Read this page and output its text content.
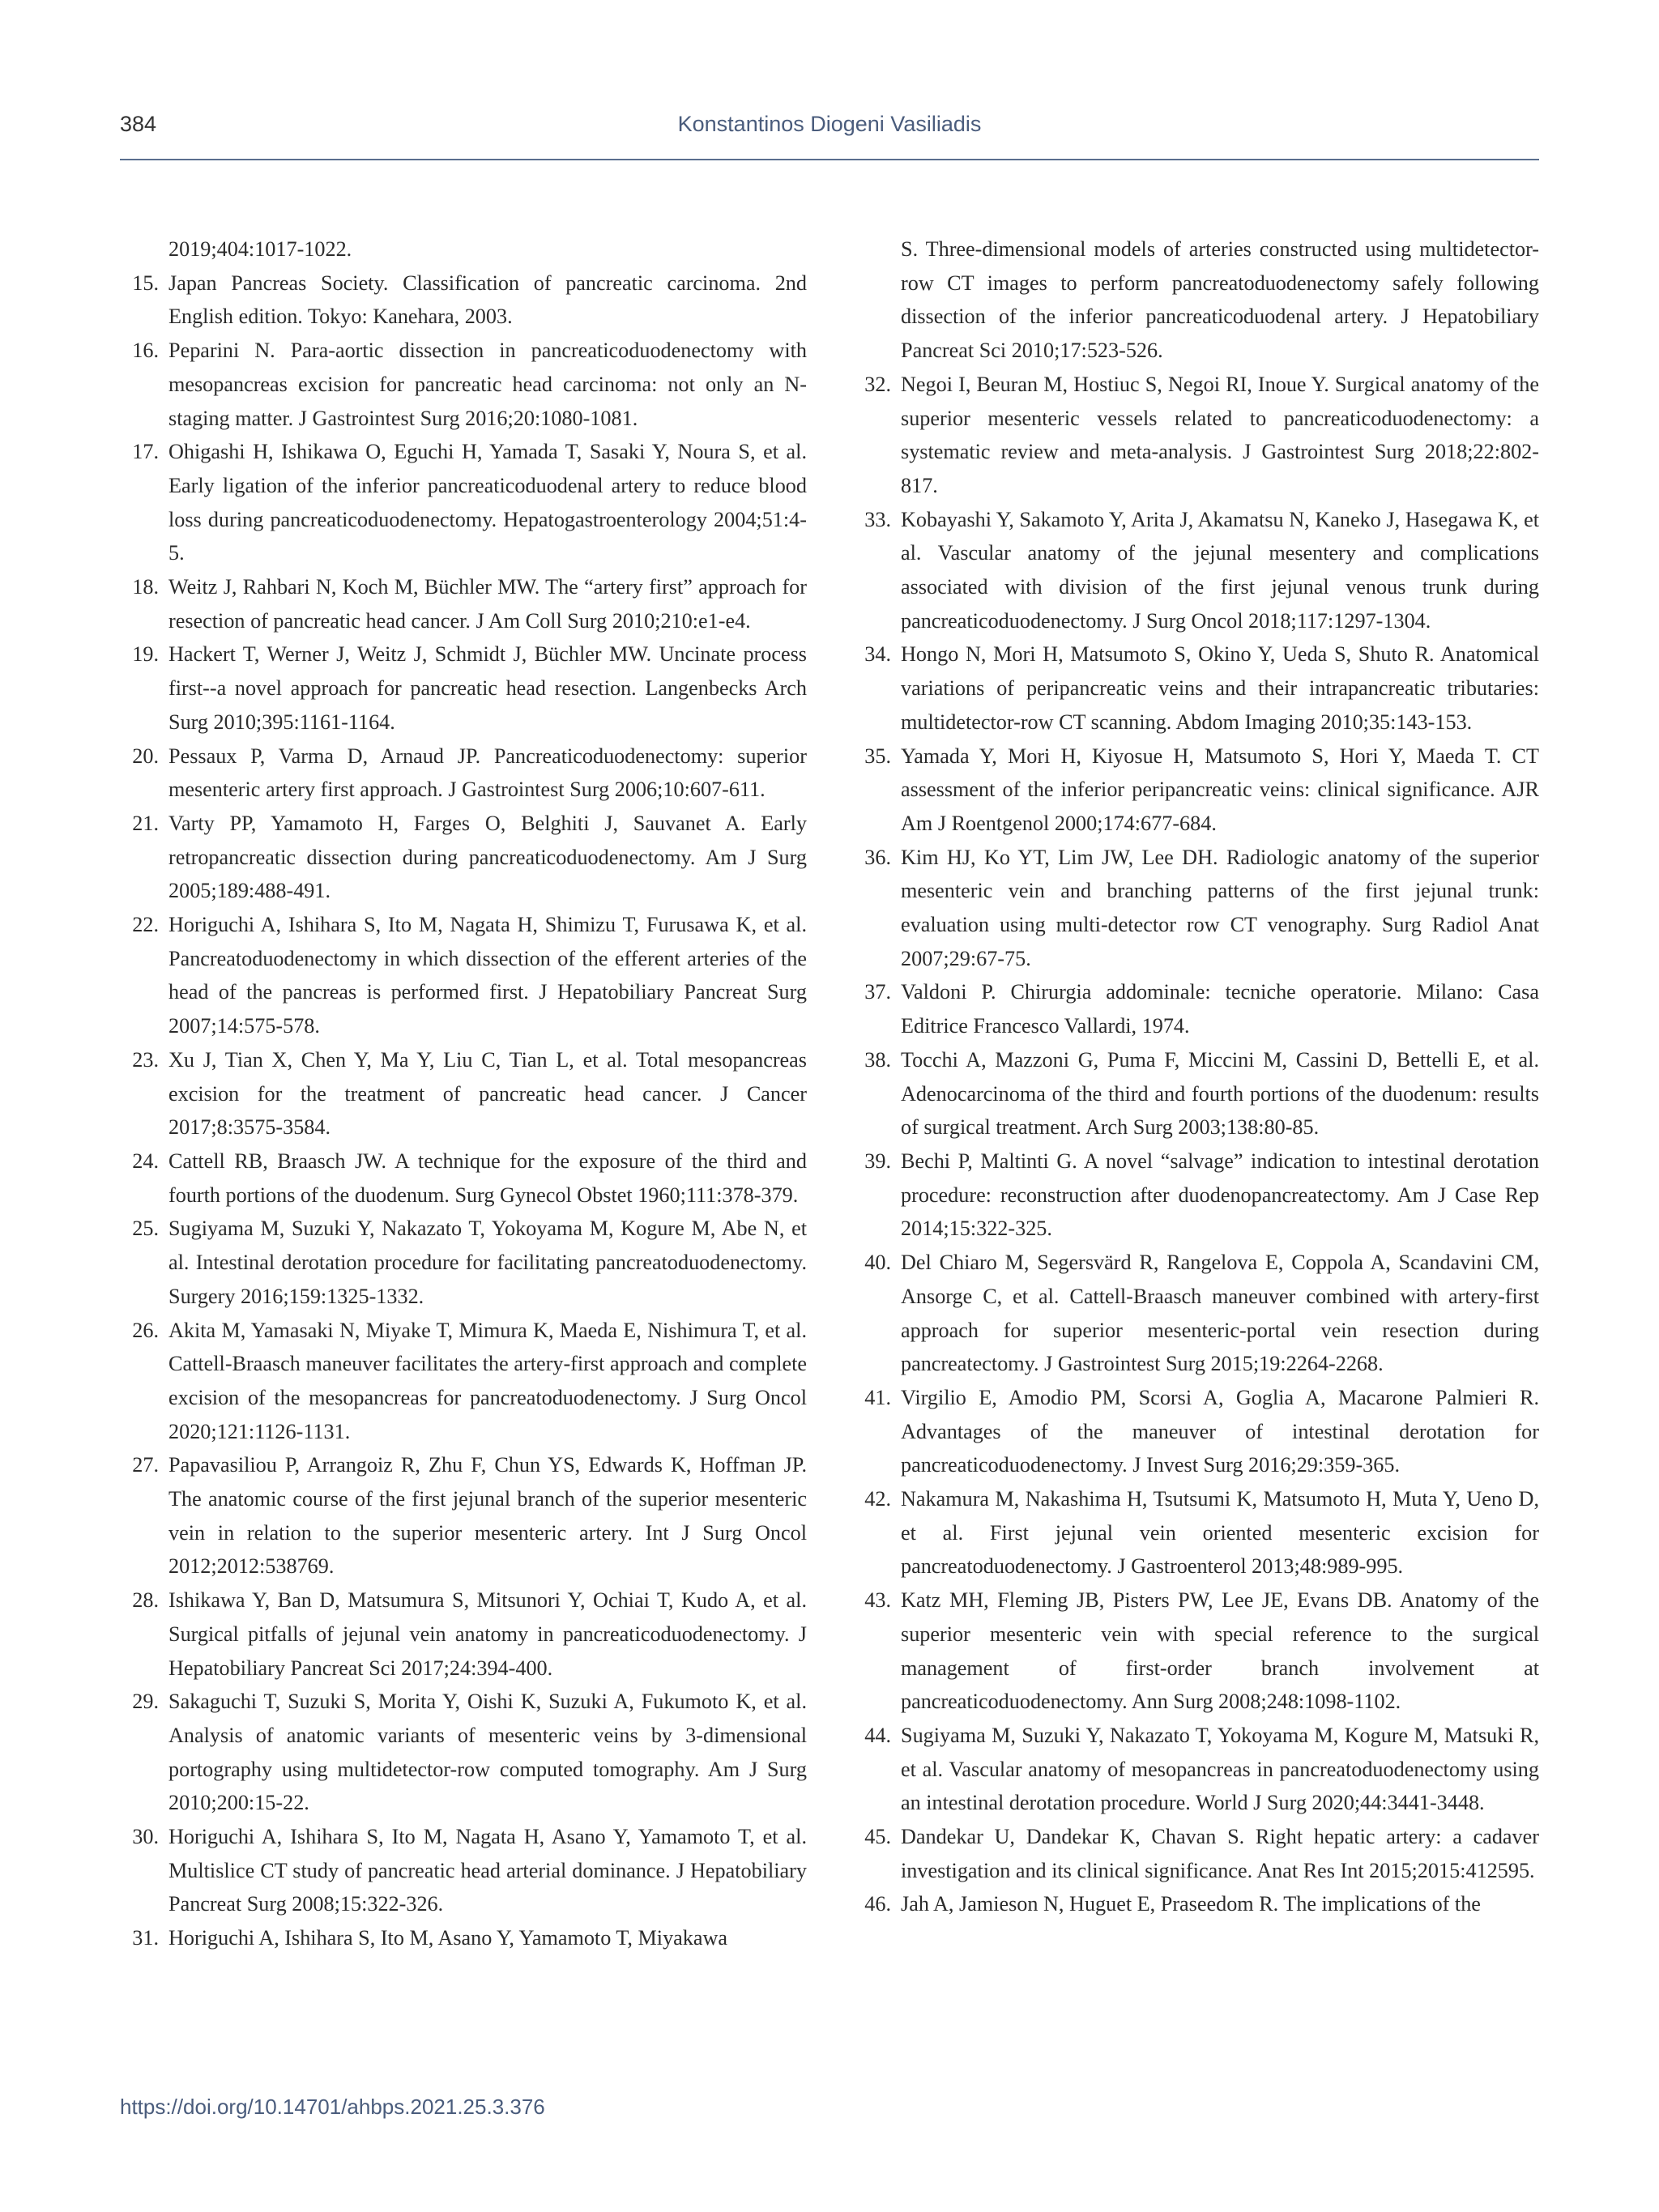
384	Konstantinos Diogeni Vasiliadis
2019;404:1017-1022.
15. Japan Pancreas Society. Classification of pancreatic carcinoma. 2nd English edition. Tokyo: Kanehara, 2003.
16. Peparini N. Para-aortic dissection in pancreaticoduodenectomy with mesopancreas excision for pancreatic head carcinoma: not only an N-staging matter. J Gastrointest Surg 2016;20:1080-1081.
17. Ohigashi H, Ishikawa O, Eguchi H, Yamada T, Sasaki Y, Noura S, et al. Early ligation of the inferior pancreaticoduodenal artery to reduce blood loss during pancreaticoduodenectomy. Hepatogastroenterology 2004;51:4-5.
18. Weitz J, Rahbari N, Koch M, Büchler MW. The “artery first” approach for resection of pancreatic head cancer. J Am Coll Surg 2010;210:e1-e4.
19. Hackert T, Werner J, Weitz J, Schmidt J, Büchler MW. Uncinate process first--a novel approach for pancreatic head resection. Langenbecks Arch Surg 2010;395:1161-1164.
20. Pessaux P, Varma D, Arnaud JP. Pancreaticoduodenectomy: superior mesenteric artery first approach. J Gastrointest Surg 2006;10:607-611.
21. Varty PP, Yamamoto H, Farges O, Belghiti J, Sauvanet A. Early retropancreatic dissection during pancreaticoduodenectomy. Am J Surg 2005;189:488-491.
22. Horiguchi A, Ishihara S, Ito M, Nagata H, Shimizu T, Furusawa K, et al. Pancreatoduodenectomy in which dissection of the efferent arteries of the head of the pancreas is performed first. J Hepatobiliary Pancreat Surg 2007;14:575-578.
23. Xu J, Tian X, Chen Y, Ma Y, Liu C, Tian L, et al. Total mesopancreas excision for the treatment of pancreatic head cancer. J Cancer 2017;8:3575-3584.
24. Cattell RB, Braasch JW. A technique for the exposure of the third and fourth portions of the duodenum. Surg Gynecol Obstet 1960;111:378-379.
25. Sugiyama M, Suzuki Y, Nakazato T, Yokoyama M, Kogure M, Abe N, et al. Intestinal derotation procedure for facilitating pancreatoduodenectomy. Surgery 2016;159:1325-1332.
26. Akita M, Yamasaki N, Miyake T, Mimura K, Maeda E, Nishimura T, et al. Cattell-Braasch maneuver facilitates the artery-first approach and complete excision of the mesopancreas for pancreatoduodenectomy. J Surg Oncol 2020;121:1126-1131.
27. Papavasiliou P, Arrangoiz R, Zhu F, Chun YS, Edwards K, Hoffman JP. The anatomic course of the first jejunal branch of the superior mesenteric vein in relation to the superior mesenteric artery. Int J Surg Oncol 2012;2012:538769.
28. Ishikawa Y, Ban D, Matsumura S, Mitsunori Y, Ochiai T, Kudo A, et al. Surgical pitfalls of jejunal vein anatomy in pancreaticoduodenectomy. J Hepatobiliary Pancreat Sci 2017;24:394-400.
29. Sakaguchi T, Suzuki S, Morita Y, Oishi K, Suzuki A, Fukumoto K, et al. Analysis of anatomic variants of mesenteric veins by 3-dimensional portography using multidetector-row computed tomography. Am J Surg 2010;200:15-22.
30. Horiguchi A, Ishihara S, Ito M, Nagata H, Asano Y, Yamamoto T, et al. Multislice CT study of pancreatic head arterial dominance. J Hepatobiliary Pancreat Surg 2008;15:322-326.
31. Horiguchi A, Ishihara S, Ito M, Asano Y, Yamamoto T, Miyakawa
S. Three-dimensional models of arteries constructed using multidetector-row CT images to perform pancreatoduodenectomy safely following dissection of the inferior pancreaticoduodenal artery. J Hepatobiliary Pancreat Sci 2010;17:523-526.
32. Negoi I, Beuran M, Hostiuc S, Negoi RI, Inoue Y. Surgical anatomy of the superior mesenteric vessels related to pancreaticoduodenectomy: a systematic review and meta-analysis. J Gastrointest Surg 2018;22:802-817.
33. Kobayashi Y, Sakamoto Y, Arita J, Akamatsu N, Kaneko J, Hasegawa K, et al. Vascular anatomy of the jejunal mesentery and complications associated with division of the first jejunal venous trunk during pancreaticoduodenectomy. J Surg Oncol 2018;117:1297-1304.
34. Hongo N, Mori H, Matsumoto S, Okino Y, Ueda S, Shuto R. Anatomical variations of peripancreatic veins and their intrapancreatic tributaries: multidetector-row CT scanning. Abdom Imaging 2010;35:143-153.
35. Yamada Y, Mori H, Kiyosue H, Matsumoto S, Hori Y, Maeda T. CT assessment of the inferior peripancreatic veins: clinical significance. AJR Am J Roentgenol 2000;174:677-684.
36. Kim HJ, Ko YT, Lim JW, Lee DH. Radiologic anatomy of the superior mesenteric vein and branching patterns of the first jejunal trunk: evaluation using multi-detector row CT venography. Surg Radiol Anat 2007;29:67-75.
37. Valdoni P. Chirurgia addominale: tecniche operatorie. Milano: Casa Editrice Francesco Vallardi, 1974.
38. Tocchi A, Mazzoni G, Puma F, Miccini M, Cassini D, Bettelli E, et al. Adenocarcinoma of the third and fourth portions of the duodenum: results of surgical treatment. Arch Surg 2003;138:80-85.
39. Bechi P, Maltinti G. A novel “salvage” indication to intestinal derotation procedure: reconstruction after duodenopancreatectomy. Am J Case Rep 2014;15:322-325.
40. Del Chiaro M, Segersvärd R, Rangelova E, Coppola A, Scandavini CM, Ansorge C, et al. Cattell-Braasch maneuver combined with artery-first approach for superior mesenteric-portal vein resection during pancreatectomy. J Gastrointest Surg 2015;19:2264-2268.
41. Virgilio E, Amodio PM, Scorsi A, Goglia A, Macarone Palmieri R. Advantages of the maneuver of intestinal derotation for pancreaticoduodenectomy. J Invest Surg 2016;29:359-365.
42. Nakamura M, Nakashima H, Tsutsumi K, Matsumoto H, Muta Y, Ueno D, et al. First jejunal vein oriented mesenteric excision for pancreatoduodenectomy. J Gastroenterol 2013;48:989-995.
43. Katz MH, Fleming JB, Pisters PW, Lee JE, Evans DB. Anatomy of the superior mesenteric vein with special reference to the surgical management of first-order branch involvement at pancreaticoduodenectomy. Ann Surg 2008;248:1098-1102.
44. Sugiyama M, Suzuki Y, Nakazato T, Yokoyama M, Kogure M, Matsuki R, et al. Vascular anatomy of mesopancreas in pancreatoduodenectomy using an intestinal derotation procedure. World J Surg 2020;44:3441-3448.
45. Dandekar U, Dandekar K, Chavan S. Right hepatic artery: a cadaver investigation and its clinical significance. Anat Res Int 2015;2015:412595.
46. Jah A, Jamieson N, Huguet E, Praseedom R. The implications of the
https://doi.org/10.14701/ahbps.2021.25.3.376
